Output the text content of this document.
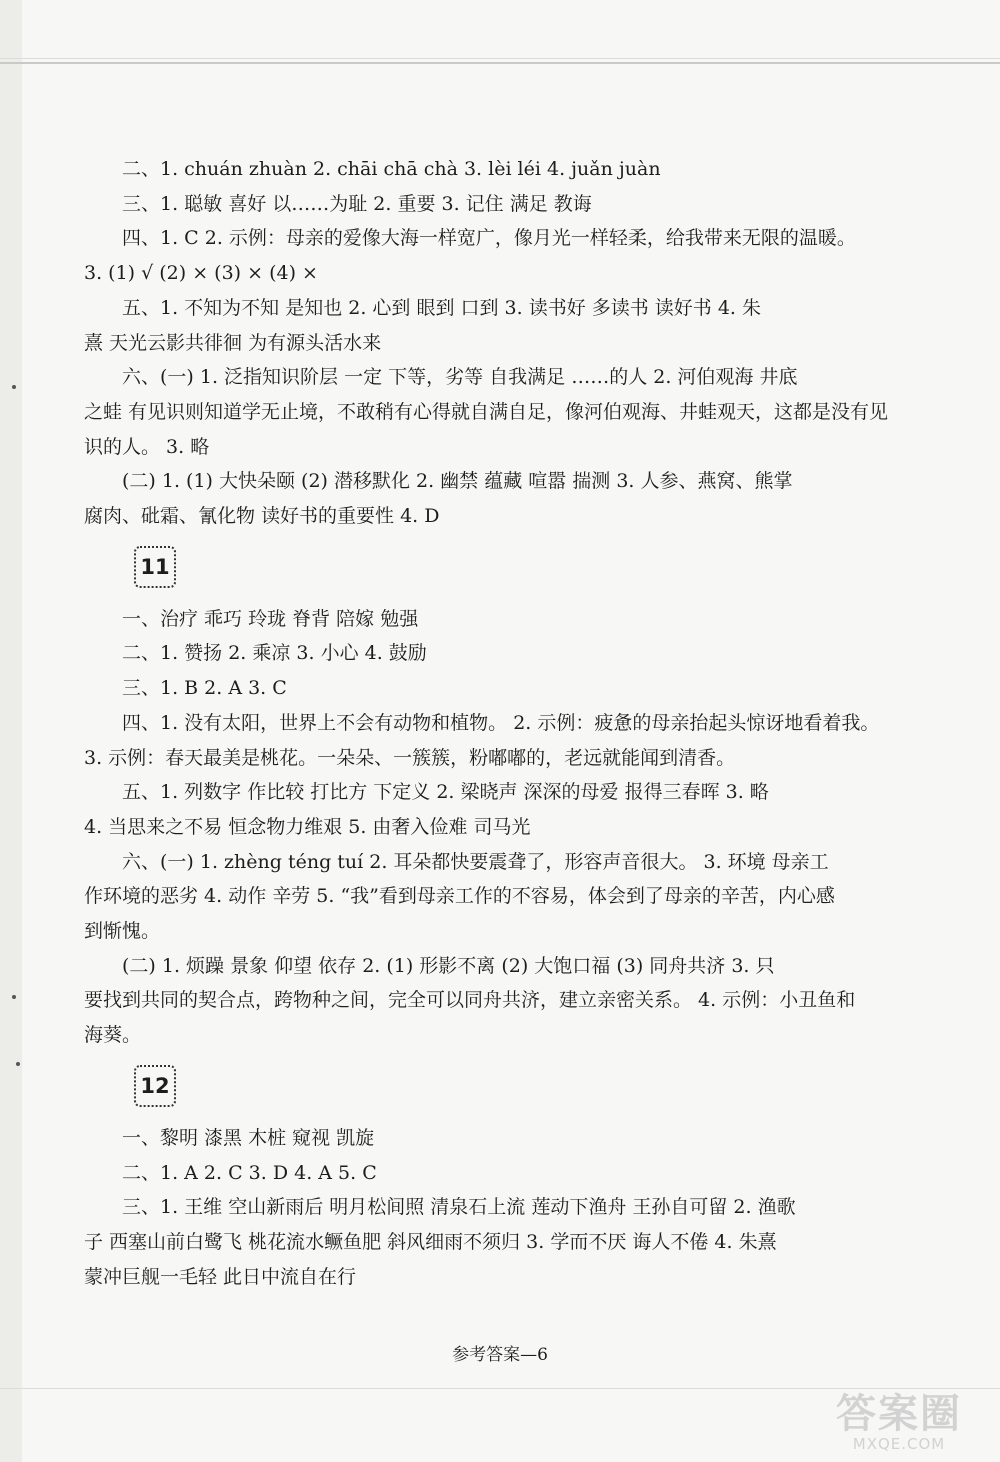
二、1. chuán zhuàn 2. chāi chā chà 3. lèi léi 4. juǎn juàn
三、1. 聪敏 喜好 以……为耻 2. 重要 3. 记住 满足 教诲
四、1. C 2. 示例：母亲的爱像大海一样宽广，像月光一样轻柔，给我带来无限的温暖。
3. (1) √ (2) × (3) × (4) ×
五、1. 不知为不知 是知也 2. 心到 眼到 口到 3. 读书好 多读书 读好书 4. 朱
熹 天光云影共徘徊 为有源头活水来
六、(一) 1. 泛指知识阶层 一定 下等，劣等 自我满足 ……的人 2. 河伯观海 井底
之蛙 有见识则知道学无止境，不敢稍有心得就自满自足，像河伯观海、井蛙观天，这都是没有见
识的人。 3. 略
(二) 1. (1) 大快朵颐 (2) 潜移默化 2. 幽禁 蕴藏 喧嚣 揣测 3. 人参、燕窝、熊掌
腐肉、砒霜、氰化物 读好书的重要性 4. D
11
一、治疗 乖巧 玲珑 脊背 陪嫁 勉强
二、1. 赞扬 2. 乘凉 3. 小心 4. 鼓励
三、1. B 2. A 3. C
四、1. 没有太阳，世界上不会有动物和植物。 2. 示例：疲惫的母亲抬起头惊讶地看着我。
3. 示例：春天最美是桃花。一朵朵、一簇簇，粉嘟嘟的，老远就能闻到清香。
五、1. 列数字 作比较 打比方 下定义 2. 梁晓声 深深的母爱 报得三春晖 3. 略
4. 当思来之不易 恒念物力维艰 5. 由奢入俭难 司马光
六、(一) 1. zhèng téng tuí 2. 耳朵都快要震聋了，形容声音很大。 3. 环境 母亲工
作环境的恶劣 4. 动作 辛劳 5. “我”看到母亲工作的不容易，体会到了母亲的辛苦，内心感
到惭愧。
(二) 1. 烦躁 景象 仰望 依存 2. (1) 形影不离 (2) 大饱口福 (3) 同舟共济 3. 只
要找到共同的契合点，跨物种之间，完全可以同舟共济，建立亲密关系。 4. 示例：小丑鱼和
海葵。
12
一、黎明 漆黑 木桩 窥视 凯旋
二、1. A 2. C 3. D 4. A 5. C
三、1. 王维 空山新雨后 明月松间照 清泉石上流 莲动下渔舟 王孙自可留 2. 渔歌
子 西塞山前白鹭飞 桃花流水鳜鱼肥 斜风细雨不须归 3. 学而不厌 诲人不倦 4. 朱熹
蒙冲巨舰一毛轻 此日中流自在行
参考答案—6
答案圈
MXQE.COM
